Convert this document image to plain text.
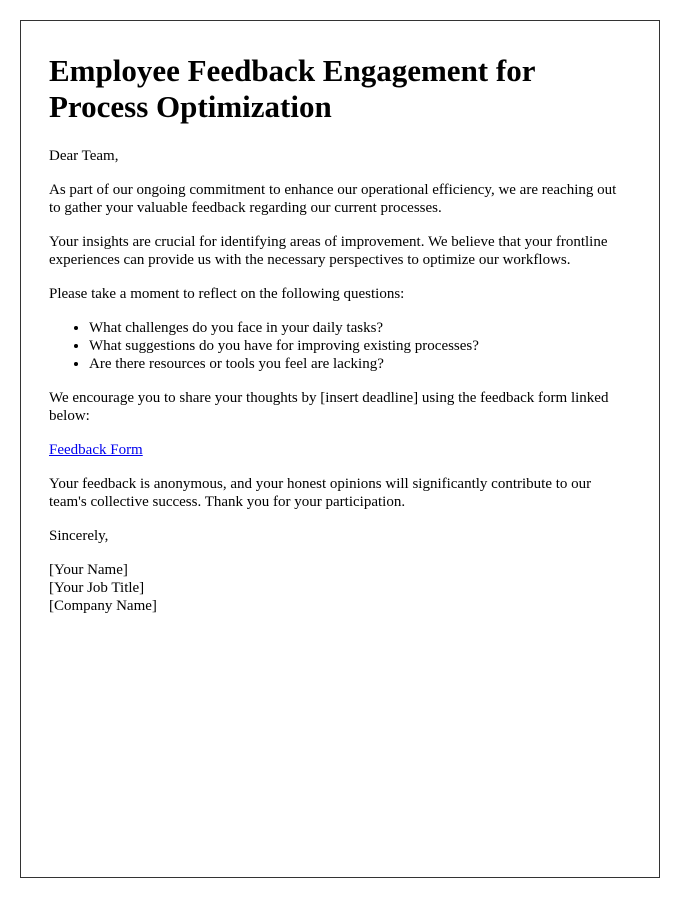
Employee Feedback Engagement for Process Optimization

Dear Team,

As part of our ongoing commitment to enhance our operational efficiency, we are reaching out to gather your valuable feedback regarding our current processes.

Your insights are crucial for identifying areas of improvement. We believe that your frontline experiences can provide us with the necessary perspectives to optimize our workflows.

Please take a moment to reflect on the following questions:

• What challenges do you face in your daily tasks?
• What suggestions do you have for improving existing processes?
• Are there resources or tools you feel are lacking?

We encourage you to share your thoughts by [insert deadline] using the feedback form linked below:

Feedback Form

Your feedback is anonymous, and your honest opinions will significantly contribute to our team's collective success. Thank you for your participation.

Sincerely,

[Your Name]
[Your Job Title]
[Company Name]
